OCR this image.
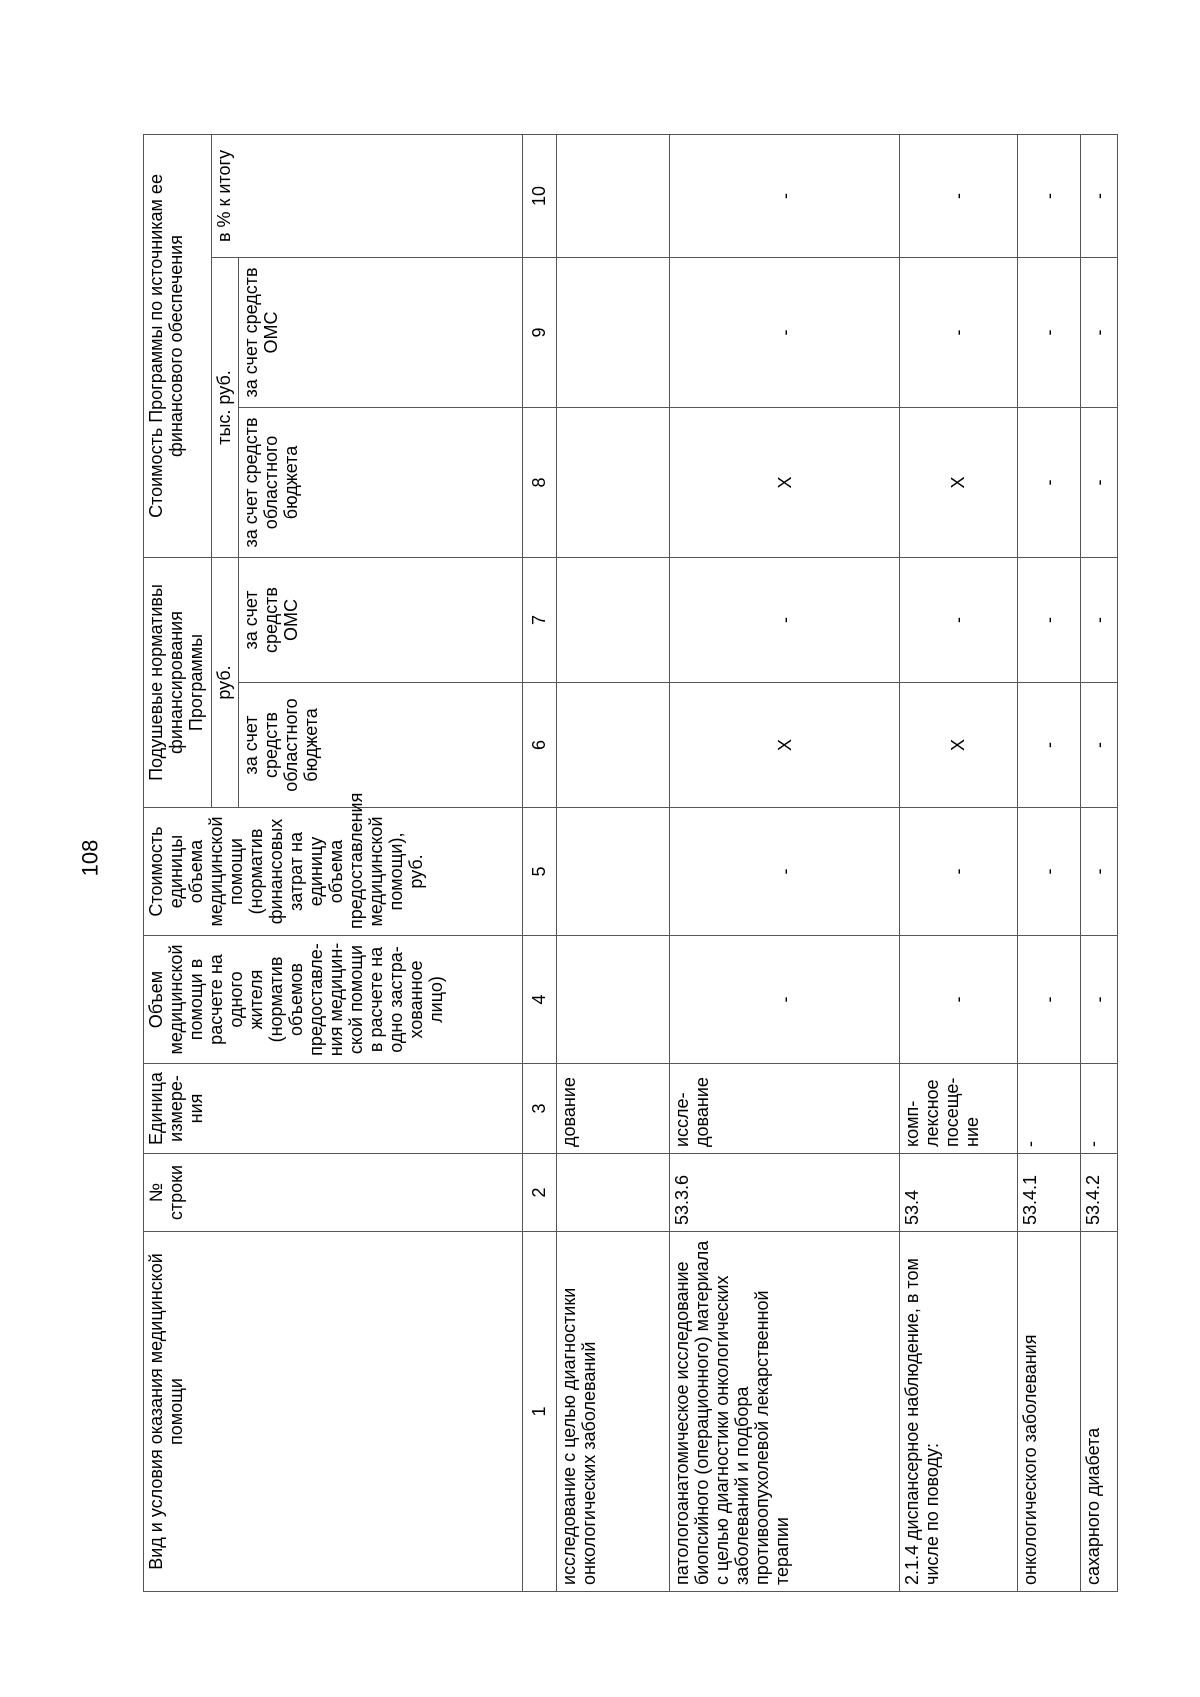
108
Вид и условия оказания медицинской помощи	№ строки	Единица измере-ния	Объем медицинской помощи в расчете на одного жителя (норматив объемов предоставле-ния медицин-ской помощи в расчете на одно застра-хованное лицо)	Стоимость единицы объема медицинской помощи (норматив финансовых затрат на единицу объема предоставления медицинской помощи), руб.	Подушевые нормативы финансирования Программы		Стоимость Программы по источникам ее финансового обеспечения		
					руб.		тыс. руб.		в % к итогу
					за счет средств областного бюджета	за счет средств ОМС	за счет средств областного бюджета	за счет средств ОМС	
1	2	3	4	5	6	7	8	9	10
исследование с целью диагностики онкологических заболеваний		дование							
патологоанатомическое исследование биопсийного (операционного) материала с целью диагностики онкологических заболеваний и подбора противоопухолевой лекарственной терапии	53.3.6	иссле-дование	-	-	X	-	X	-	-
2.1.4 диспансерное наблюдение, в том числе по поводу:	53.4	комп-лексное посеще-ние	-	-	X	-	X	-	-
онкологического заболевания	53.4.1	-	-	-	-	-	-	-	-
сахарного диабета	53.4.2	-	-	-	-	-	-	-	-
